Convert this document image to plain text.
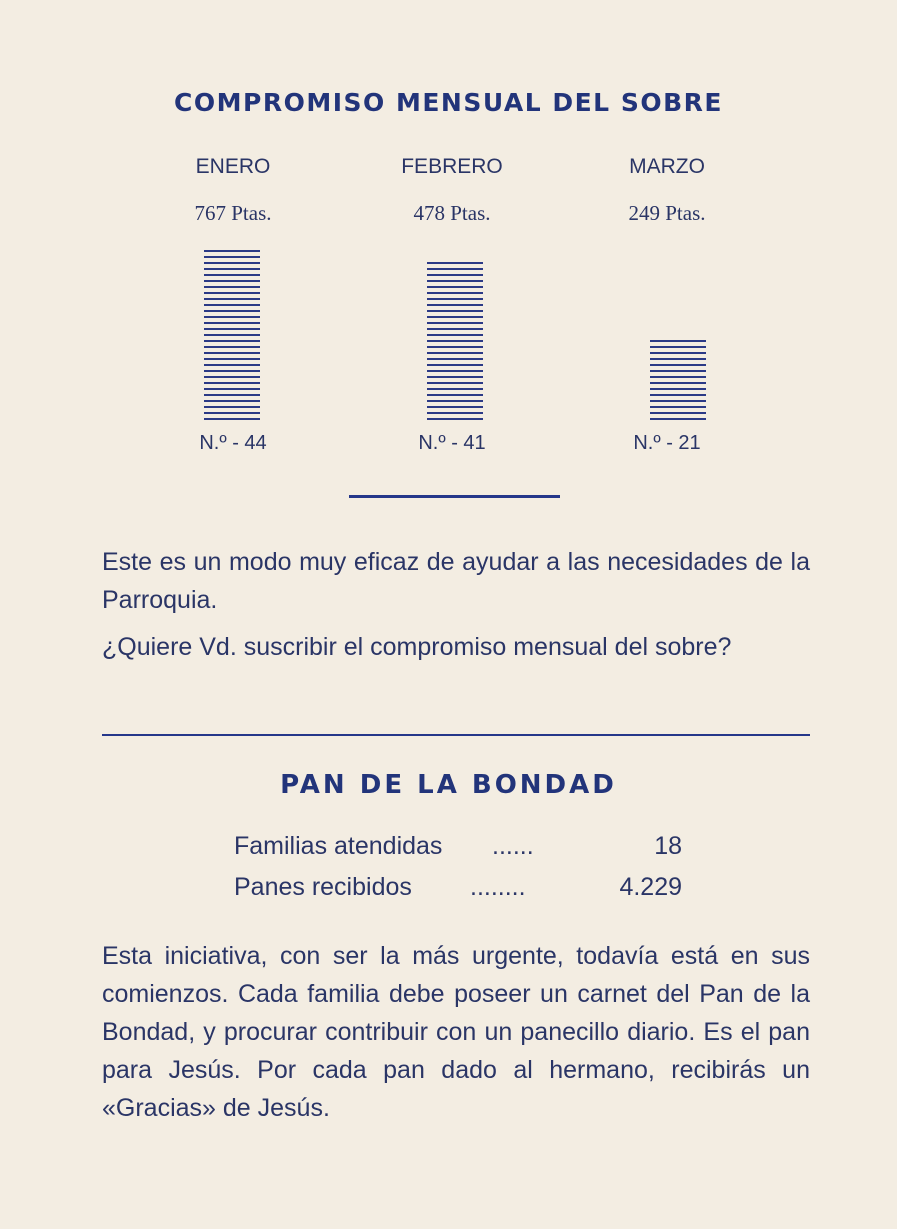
COMPROMISO MENSUAL DEL SOBRE
ENERO
767 Ptas.
FEBRERO
478 Ptas.
MARZO
249 Ptas.
N.º - 44	N.º - 41	N.º - 21

Este es un modo muy eficaz de ayudar a las necesidades de la Parroquia.

¿Quiere Vd. suscribir el compromiso mensual del sobre?

PAN DE LA BONDAD
Familias atendidas ......	18
Panes recibidos ........	4.229

Esta iniciativa, con ser la más urgente, todavía está en sus comienzos. Cada familia debe poseer un carnet del Pan de la Bondad, y procurar contribuir con un panecillo diario. Es el pan para Jesús. Por cada pan dado al hermano, recibirás un «Gracias» de Jesús.
